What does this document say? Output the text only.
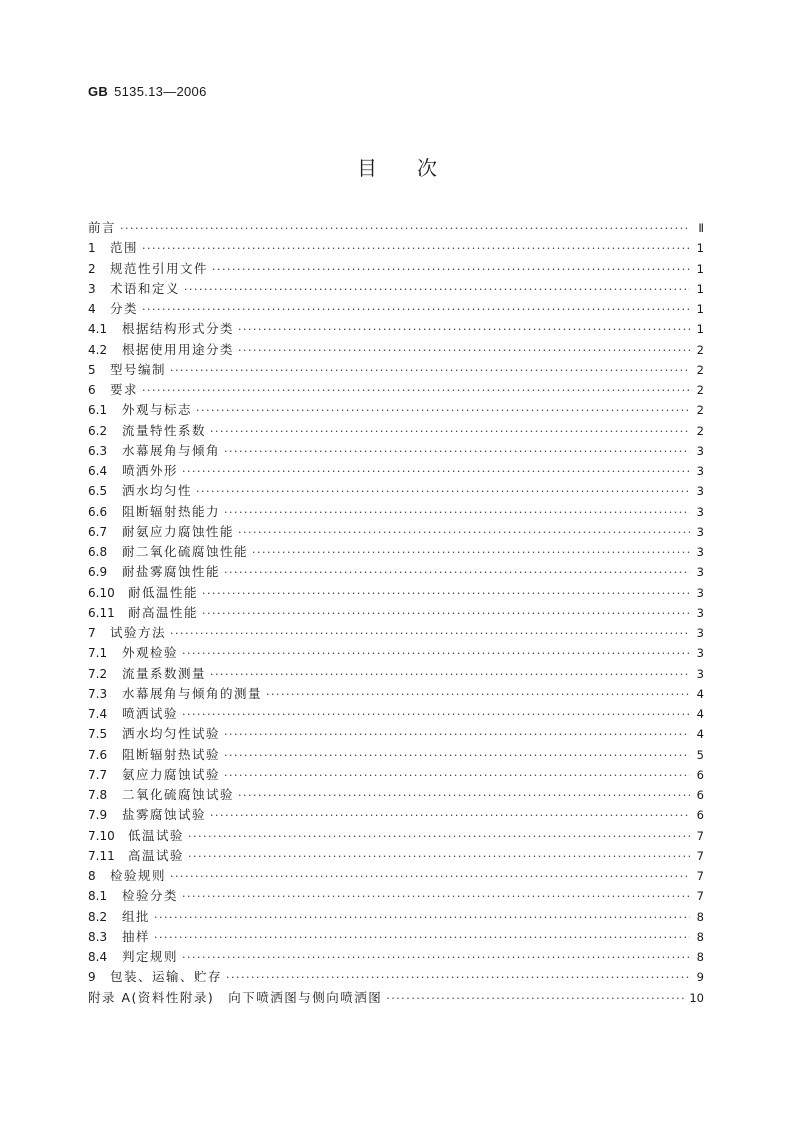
GB 5135.13—2006
目次
前言 ·····	Ⅱ
1	范围 ·····	1
2	规范性引用文件 ·····	1
3	术语和定义 ·····	1
4	分类 ·····	1
4.1	根据结构形式分类 ·····	1
4.2	根据使用用途分类 ·····	2
5	型号编制 ·····	2
6	要求 ·····	2
6.1	外观与标志 ·····	2
6.2	流量特性系数 ·····	2
6.3	水幕展角与倾角 ·····	3
6.4	喷洒外形 ·····	3
6.5	洒水均匀性 ·····	3
6.6	阻断辐射热能力 ·····	3
6.7	耐氨应力腐蚀性能 ·····	3
6.8	耐二氧化硫腐蚀性能 ·····	3
6.9	耐盐雾腐蚀性能 ·····	3
6.10	耐低温性能 ·····	3
6.11	耐高温性能 ·····	3
7	试验方法 ·····	3
7.1	外观检验 ·····	3
7.2	流量系数测量 ·····	3
7.3	水幕展角与倾角的测量 ·····	4
7.4	喷洒试验 ·····	4
7.5	洒水均匀性试验 ·····	4
7.6	阻断辐射热试验 ·····	5
7.7	氨应力腐蚀试验 ·····	6
7.8	二氧化硫腐蚀试验 ·····	6
7.9	盐雾腐蚀试验 ·····	6
7.10	低温试验 ·····	7
7.11	高温试验 ·····	7
8	检验规则 ·····	7
8.1	检验分类 ·····	7
8.2	组批 ·····	8
8.3	抽样 ·····	8
8.4	判定规则 ·····	8
9	包装、运输、贮存 ·····	9
附录 A(资料性附录)　向下喷洒图与侧向喷洒图 ·····	10
